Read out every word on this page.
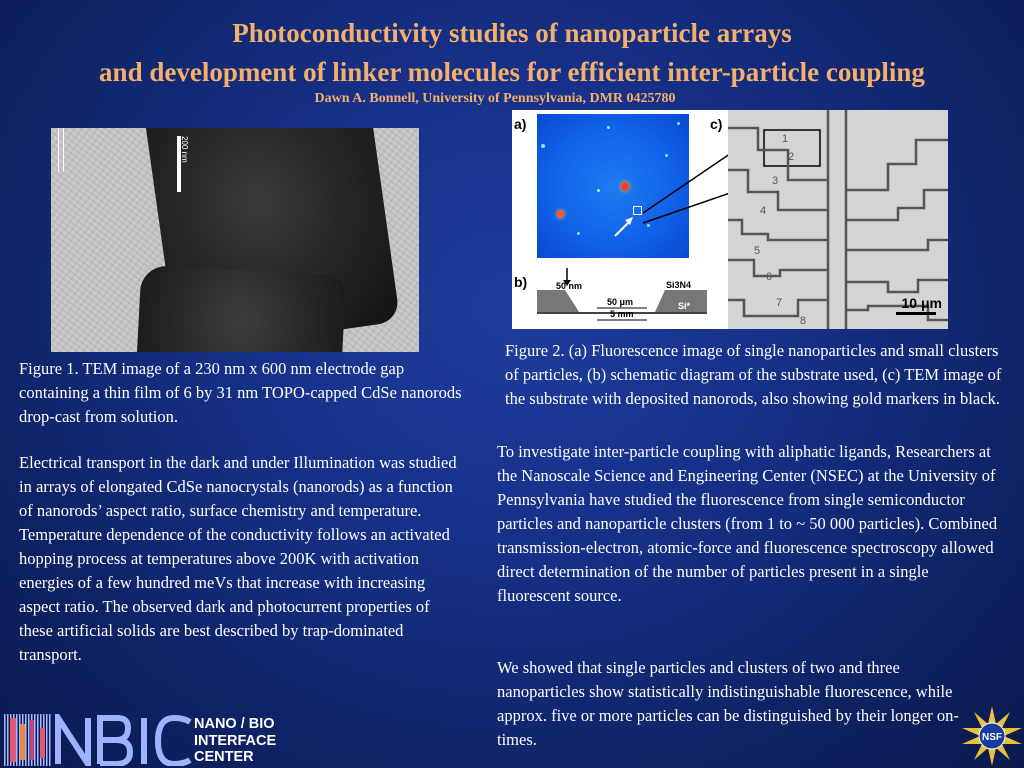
Photoconductivity studies of nanoparticle arrays
and development of linker molecules for efficient inter-particle coupling
Dawn A. Bonnell, University of Pennsylvania, DMR 0425780
200 nm
Figure 1. TEM image of a 230 nm x 600 nm electrode gap containing a thin film of 6 by 31 nm TOPO-capped CdSe nanorods drop-cast from solution.
Electrical transport in the dark and under Illumination was studied in arrays of elongated CdSe nanocrystals (nanorods) as a function of nanorods’ aspect ratio, surface chemistry and temperature. Temperature dependence of the conductivity follows an activated hopping process at temperatures above 200K with activation energies of a few hundred meVs that increase with increasing aspect ratio. The observed dark and photocurrent properties of these artificial solids are best described by trap-dominated transport.
a)
b)	50 nm	Si3N4
50 μm
5 mm
Si*
c)
2
3
4
5
6
7
8
1
10 μm
Figure 2. (a) Fluorescence image of single nanoparticles and small clusters of particles, (b) schematic diagram of the substrate used, (c) TEM image of the substrate with deposited nanorods, also showing gold markers in black.
To investigate inter-particle coupling with aliphatic ligands, Researchers at the Nanoscale Science and Engineering Center (NSEC) at the University of Pennsylvania have studied the fluorescence from single semiconductor particles and nanoparticle clusters (from 1 to ~ 50 000 particles). Combined transmission-electron, atomic-force and fluorescence spectroscopy allowed direct determination of the number of particles present in a single fluorescent source.
We showed that single particles and clusters of two and three nanoparticles show statistically indistinguishable fluorescence, while approx. five or more particles can be distinguished by their longer on-times.
NANO / BIO
INTERFACE
CENTER
NSF
